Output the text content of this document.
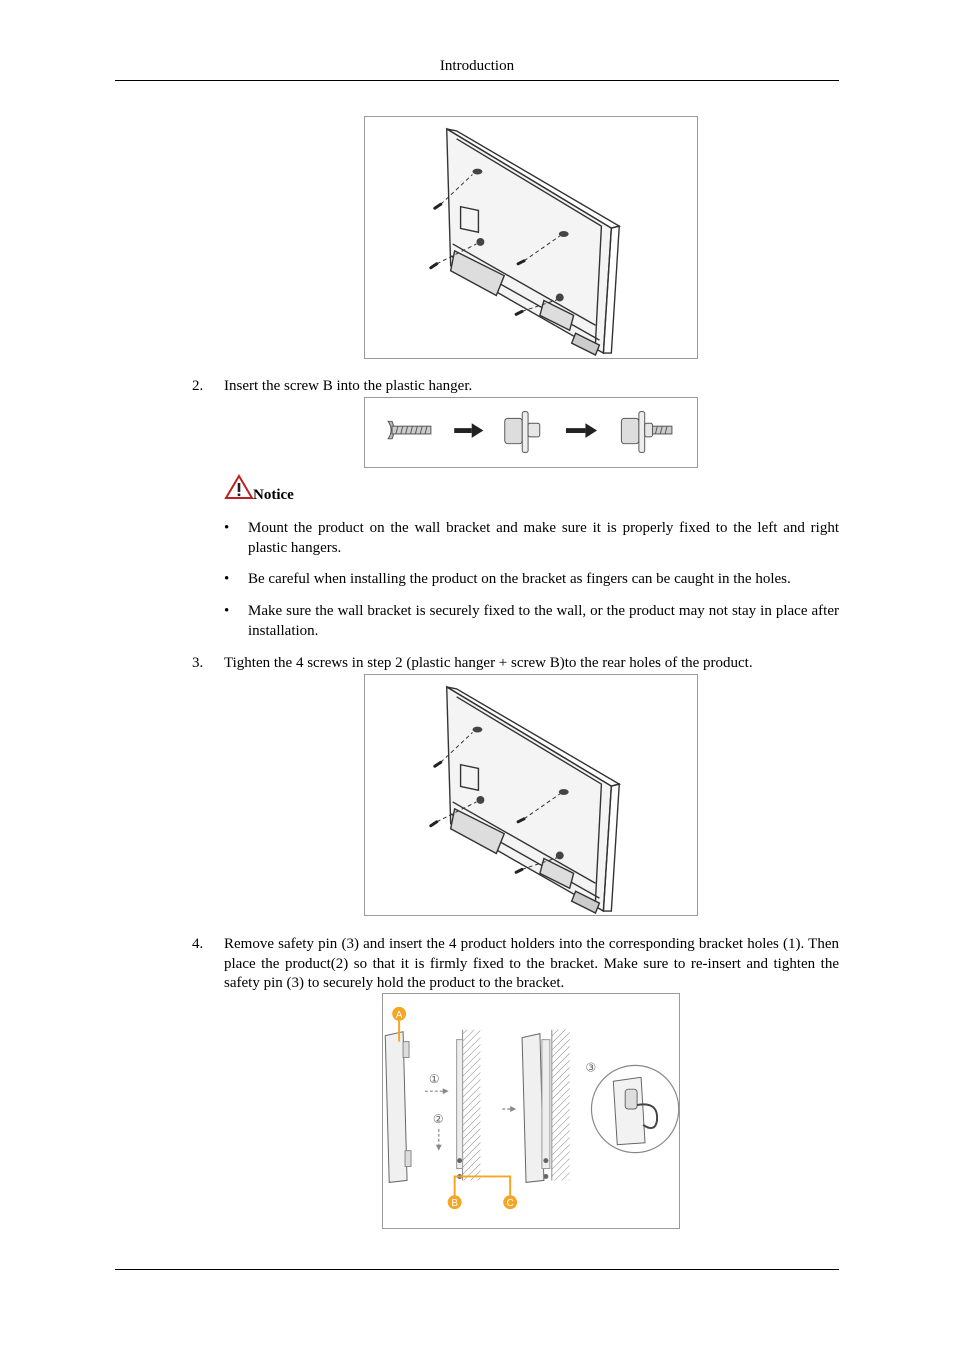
Introduction
2. Insert the screw B into the plastic hanger.
Notice
• Mount the product on the wall bracket and make sure it is properly fixed to the left and right plastic hangers.
• Be careful when installing the product on the bracket as fingers can be caught in the holes.
• Make sure the wall bracket is securely fixed to the wall, or the product may not stay in place after installation.
3. Tighten the 4 screws in step 2 (plastic hanger + screw B)to the rear holes of the product.
4. Remove safety pin (3) and insert the 4 product holders into the corresponding bracket holes (1). Then place the product(2) so that it is firmly fixed to the bracket. Make sure to re-insert and tighten the safety pin (3) to securely hold the product to the bracket.
A
①
②
B	C
③
